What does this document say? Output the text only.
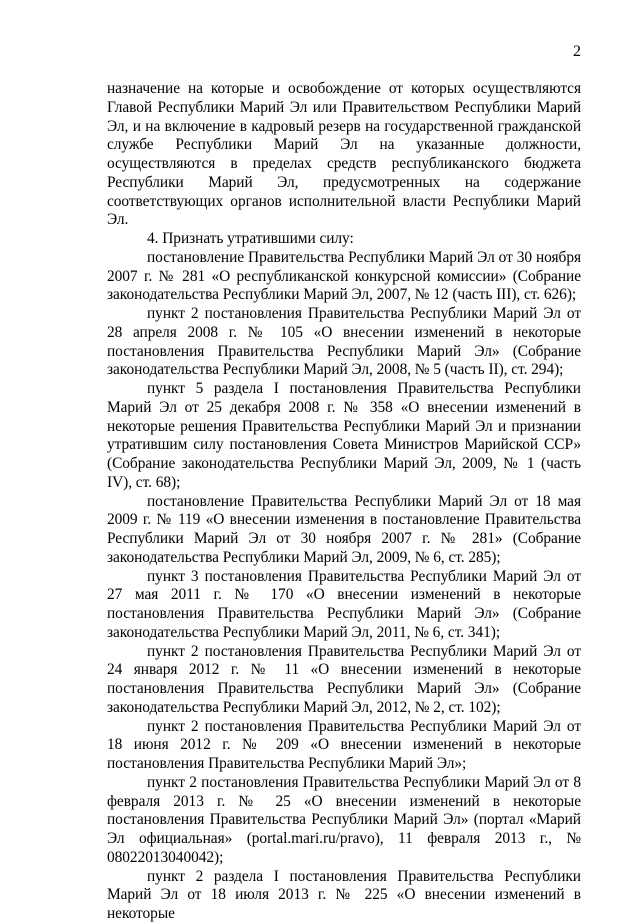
2

назначение на которые и освобождение от которых осуществляются Главой Республики Марий Эл или Правительством Республики Марий Эл, и на включение в кадровый резерв на государственной гражданской службе Республики Марий Эл на указанные должности, осуществляются в пределах средств республиканского бюджета Республики Марий Эл, предусмотренных на содержание соответствующих органов исполнительной власти Республики Марий Эл.

4. Признать утратившими силу:

постановление Правительства Республики Марий Эл от 30 ноября 2007 г. № 281 «О республиканской конкурсной комиссии» (Собрание законодательства Республики Марий Эл, 2007, № 12 (часть III), ст. 626);

пункт 2 постановления Правительства Республики Марий Эл от 28 апреля 2008 г. № 105 «О внесении изменений в некоторые постановления Правительства Республики Марий Эл» (Собрание законодательства Республики Марий Эл, 2008, № 5 (часть II), ст. 294);

пункт 5 раздела I постановления Правительства Республики Марий Эл от 25 декабря 2008 г. № 358 «О внесении изменений в некоторые решения Правительства Республики Марий Эл и признании утратившим силу постановления Совета Министров Марийской ССР» (Собрание законодательства Республики Марий Эл, 2009, № 1 (часть IV), ст. 68);

постановление Правительства Республики Марий Эл от 18 мая 2009 г. № 119 «О внесении изменения в постановление Правительства Республики Марий Эл от 30 ноября 2007 г. № 281» (Собрание законодательства Республики Марий Эл, 2009, № 6, ст. 285);

пункт 3 постановления Правительства Республики Марий Эл от 27 мая 2011 г. № 170 «О внесении изменений в некоторые постановления Правительства Республики Марий Эл» (Собрание законодательства Республики Марий Эл, 2011, № 6, ст. 341);

пункт 2 постановления Правительства Республики Марий Эл от 24 января 2012 г. № 11 «О внесении изменений в некоторые постановления Правительства Республики Марий Эл» (Собрание законодательства Республики Марий Эл, 2012, № 2, ст. 102);

пункт 2 постановления Правительства Республики Марий Эл от 18 июня 2012 г. № 209 «О внесении изменений в некоторые постановления Правительства Республики Марий Эл»;

пункт 2 постановления Правительства Республики Марий Эл от 8 февраля 2013 г. № 25 «О внесении изменений в некоторые постановления Правительства Республики Марий Эл» (портал «Марий Эл официальная» (portal.mari.ru/pravo), 11 февраля 2013 г., № 08022013040042);

пункт 2 раздела I постановления Правительства Республики Марий Эл от 18 июля 2013 г. № 225 «О внесении изменений в некоторые
